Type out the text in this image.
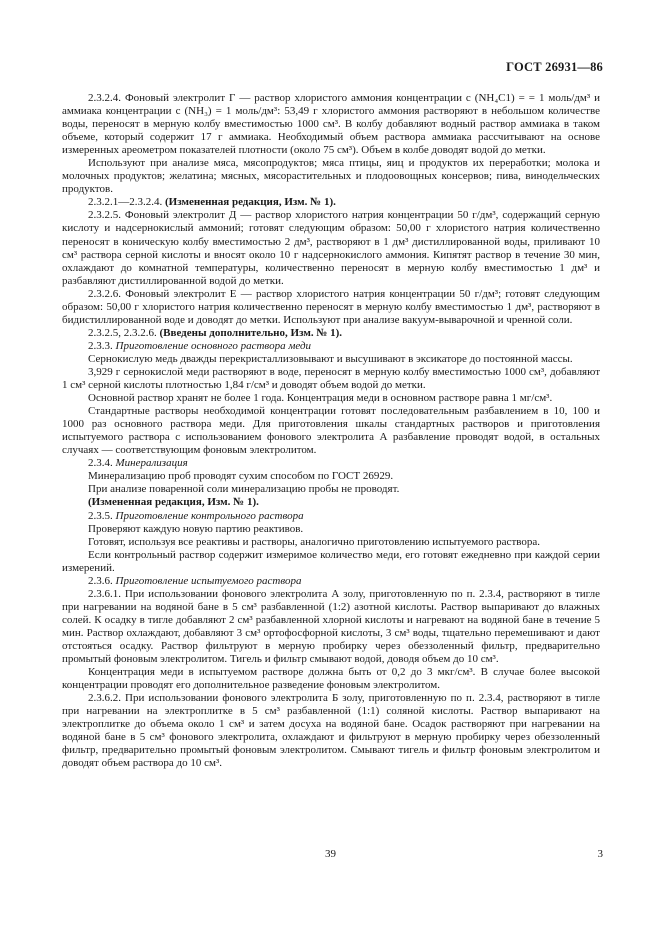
ГОСТ 26931—86

2.3.2.4. Фоновый электролит Г — раствор хлористого аммония концентрации c (NH₄C1) = = 1 моль/дм³ и аммиака концентрации c (NH₃) = 1 моль/дм³: 53,49 г хлористого аммония растворяют в небольшом количестве воды, переносят в мерную колбу вместимостью 1000 см³. В колбу добавляют водный раствор аммиака в таком объеме, который содержит 17 г аммиака. Необходимый объем раствора аммиака рассчитывают на основе измеренных ареометром показателей плотности (около 75 см³). Объем в колбе доводят водой до метки.

Используют при анализе мяса, мясопродуктов; мяса птицы, яиц и продуктов их переработки; молока и молочных продуктов; желатина; мясных, мясорастительных и плодоовощных консервов; пива, винодельческих продуктов.

2.3.2.1—2.3.2.4. (Измененная редакция, Изм. № 1).

2.3.2.5. Фоновый электролит Д — раствор хлористого натрия концентрации 50 г/дм³, содержащий серную кислоту и надсернокислый аммоний; готовят следующим образом: 50,00 г хлористого натрия количественно переносят в коническую колбу вместимостью 2 дм³, растворяют в 1 дм³ дистиллированной воды, приливают 10 см³ раствора серной кислоты и вносят около 10 г надсернокислого аммония. Кипятят раствор в течение 30 мин, охлаждают до комнатной температуры, количественно переносят в мерную колбу вместимостью 1 дм³ и разбавляют дистиллированной водой до метки.

2.3.2.6. Фоновый электролит Е — раствор хлористого натрия концентрации 50 г/дм³; готовят следующим образом: 50,00 г хлористого натрия количественно переносят в мерную колбу вместимостью 1 дм³, растворяют в бидистиллированной воде и доводят до метки. Используют при анализе вакуум-выварочной и чренной соли.

2.3.2.5, 2.3.2.6. (Введены дополнительно, Изм. № 1).

2.3.3. Приготовление основного раствора меди

Сернокислую медь дважды перекристаллизовывают и высушивают в эксикаторе до постоянной массы.

3,929 г сернокислой меди растворяют в воде, переносят в мерную колбу вместимостью 1000 см³, добавляют 1 см³ серной кислоты плотностью 1,84 г/см³ и доводят объем водой до метки.

Основной раствор хранят не более 1 года. Концентрация меди в основном растворе равна 1 мг/см³.

Стандартные растворы необходимой концентрации готовят последовательным разбавлением в 10, 100 и 1000 раз основного раствора меди. Для приготовления шкалы стандартных растворов и приготовления испытуемого раствора с использованием фонового электролита А разбавление проводят водой, в остальных случаях — соответствующим фоновым электролитом.

2.3.4. Минерализация

Минерализацию проб проводят сухим способом по ГОСТ 26929.

При анализе поваренной соли минерализацию пробы не проводят.

(Измененная редакция, Изм. № 1).

2.3.5. Приготовление контрольного раствора

Проверяют каждую новую партию реактивов.

Готовят, используя все реактивы и растворы, аналогично приготовлению испытуемого раствора.

Если контрольный раствор содержит измеримое количество меди, его готовят ежедневно при каждой серии измерений.

2.3.6. Приготовление испытуемого раствора

2.3.6.1. При использовании фонового электролита А золу, приготовленную по п. 2.3.4, растворяют в тигле при нагревании на водяной бане в 5 см³ разбавленной (1:2) азотной кислоты. Раствор выпаривают до влажных солей. К осадку в тигле добавляют 2 см³ разбавленной хлорной кислоты и нагревают на водяной бане в течение 5 мин. Раствор охлаждают, добавляют 3 см³ ортофосфорной кислоты, 3 см³ воды, тщательно перемешивают и дают отстояться осадку. Раствор фильтруют в мерную пробирку через обеззоленный фильтр, предварительно промытый фоновым электролитом. Тигель и фильтр смывают водой, доводя объем до 10 см³.

Концентрация меди в испытуемом растворе должна быть от 0,2 до 3 мкг/см³. В случае более высокой концентрации проводят его дополнительное разведение фоновым электролитом.

2.3.6.2. При использовании фонового электролита Б золу, приготовленную по п. 2.3.4, растворяют в тигле при нагревании на электроплитке в 5 см³ разбавленной (1:1) соляной кислоты. Раствор выпаривают на электроплитке до объема около 1 см³ и затем досуха на водяной бане. Осадок растворяют при нагревании на водяной бане в 5 см³ фонового электролита, охлаждают и фильтруют в мерную пробирку через обеззоленный фильтр, предварительно промытый фоновым электролитом. Смывают тигель и фильтр фоновым электролитом и доводят объем раствора до 10 см³.

39	3
